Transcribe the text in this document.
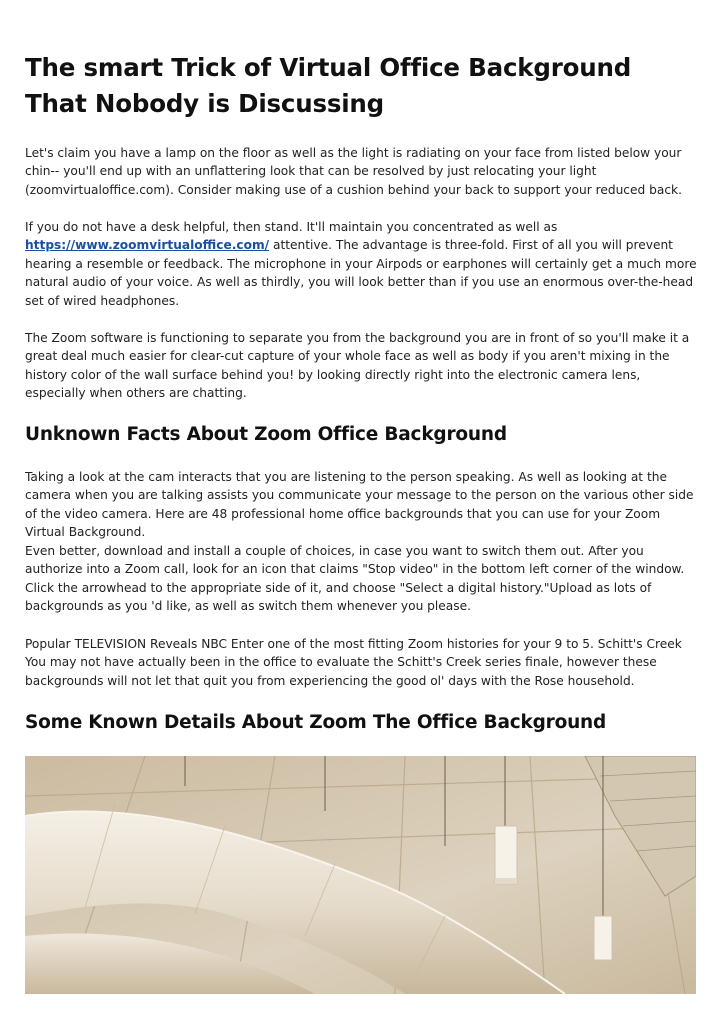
The smart Trick of Virtual Office Background That Nobody is Discussing

Let's claim you have a lamp on the floor as well as the light is radiating on your face from listed below your chin-- you'll end up with an unflattering look that can be resolved by just relocating your light (zoomvirtualoffice.com). Consider making use of a cushion behind your back to support your reduced back.

If you do not have a desk helpful, then stand. It'll maintain you concentrated as well as https://www.zoomvirtualoffice.com/ attentive. The advantage is three-fold. First of all you will prevent hearing a resemble or feedback. The microphone in your Airpods or earphones will certainly get a much more natural audio of your voice. As well as thirdly, you will look better than if you use an enormous over-the-head set of wired headphones.

The Zoom software is functioning to separate you from the background you are in front of so you'll make it a great deal much easier for clear-cut capture of your whole face as well as body if you aren't mixing in the history color of the wall surface behind you! by looking directly right into the electronic camera lens, especially when others are chatting.

Unknown Facts About Zoom Office Background

Taking a look at the cam interacts that you are listening to the person speaking. As well as looking at the camera when you are talking assists you communicate your message to the person on the various other side of the video camera. Here are 48 professional home office backgrounds that you can use for your Zoom Virtual Background.

Even better, download and install a couple of choices, in case you want to switch them out. After you authorize into a Zoom call, look for an icon that claims "Stop video" in the bottom left corner of the window. Click the arrowhead to the appropriate side of it, and choose "Select a digital history."Upload as lots of backgrounds as you 'd like, as well as switch them whenever you please.

Popular TELEVISION Reveals NBC Enter one of the most fitting Zoom histories for your 9 to 5. Schitt's Creek You may not have actually been in the office to evaluate the Schitt's Creek series finale, however these backgrounds will not let that quit you from experiencing the good ol' days with the Rose household.

Some Known Details About Zoom The Office Background
